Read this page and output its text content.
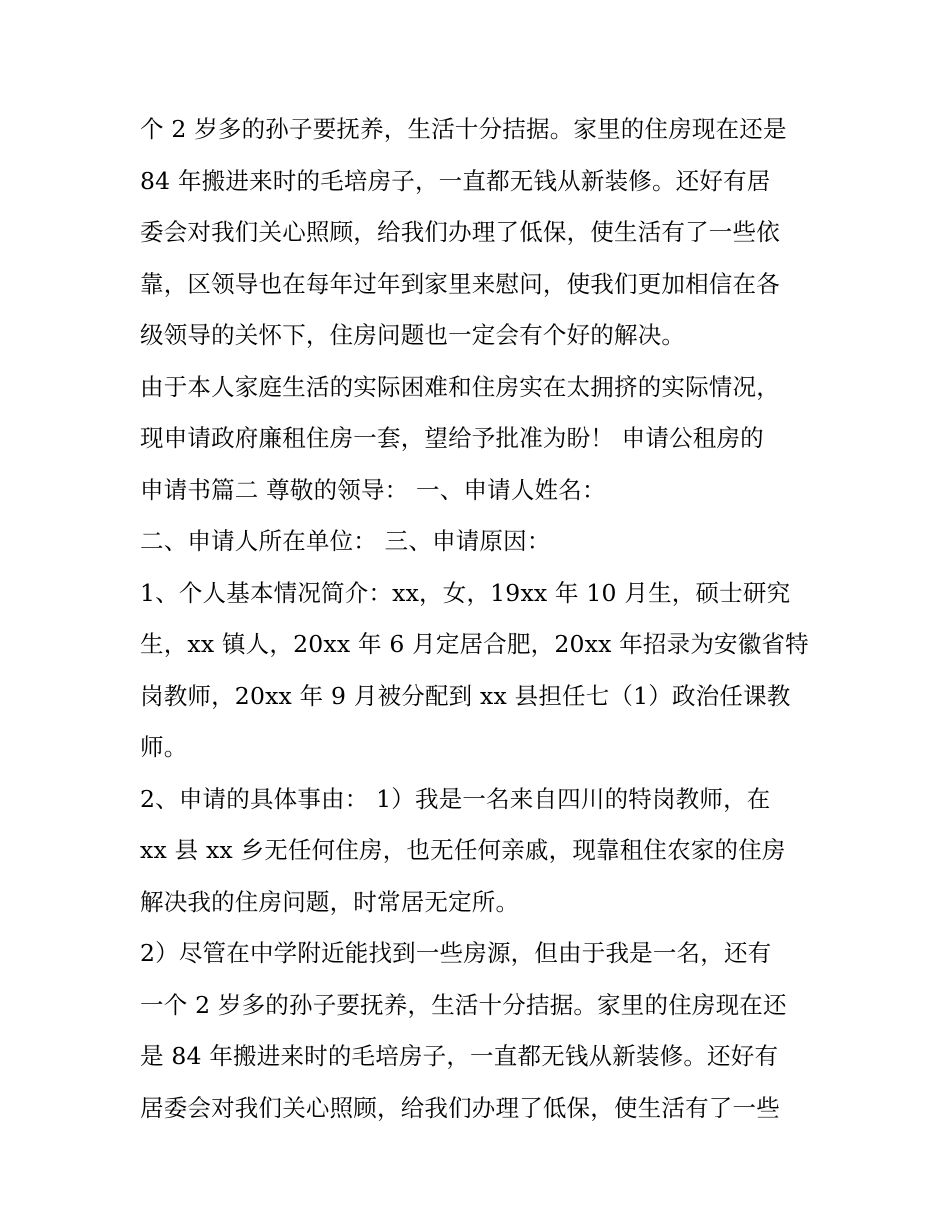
个 2 岁多的孙子要抚养，生活十分拮据。家里的住房现在还是
84 年搬进来时的毛培房子，一直都无钱从新装修。还好有居
委会对我们关心照顾，给我们办理了低保，使生活有了一些依
靠，区领导也在每年过年到家里来慰问，使我们更加相信在各
级领导的关怀下，住房问题也一定会有个好的解决。
由于本人家庭生活的实际困难和住房实在太拥挤的实际情况，
现申请政府廉租住房一套，望给予批准为盼！ 申请公租房的
申请书篇二 尊敬的领导： 一、申请人姓名：
二、申请人所在单位： 三、申请原因：
1、个人基本情况简介：xx，女，19xx 年 10 月生，硕士研究
生，xx 镇人，20xx 年 6 月定居合肥，20xx 年招录为安徽省特
岗教师，20xx 年 9 月被分配到 xx 县担任七（1）政治任课教
师。
2、申请的具体事由： 1）我是一名来自四川的特岗教师，在
xx 县 xx 乡无任何住房，也无任何亲戚，现靠租住农家的住房
解决我的住房问题，时常居无定所。
2）尽管在中学附近能找到一些房源，但由于我是一名，还有
一个 2 岁多的孙子要抚养，生活十分拮据。家里的住房现在还
是 84 年搬进来时的毛培房子，一直都无钱从新装修。还好有
居委会对我们关心照顾，给我们办理了低保，使生活有了一些
